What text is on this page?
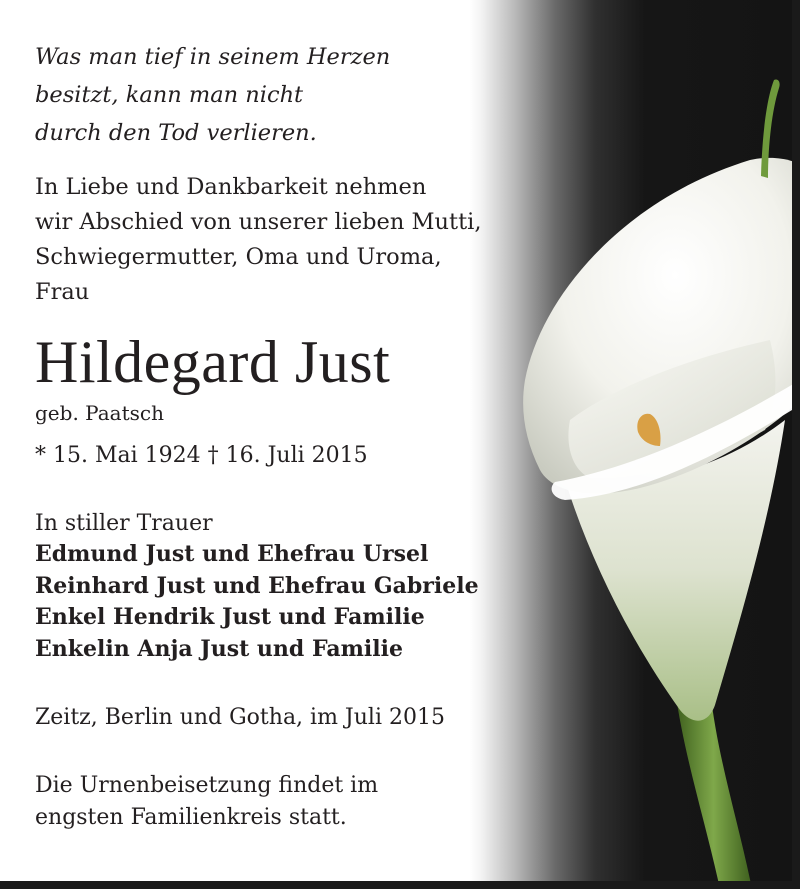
Was man tief in seinem Herzen
besitzt, kann man nicht
durch den Tod verlieren.
In Liebe und Dankbarkeit nehmen
wir Abschied von unserer lieben Mutti,
Schwiegermutter, Oma und Uroma,
Frau
Hildegard Just
geb. Paatsch
* 15. Mai 1924 † 16. Juli 2015
In stiller Trauer
Edmund Just und Ehefrau Ursel
Reinhard Just und Ehefrau Gabriele
Enkel Hendrik Just und Familie
Enkelin Anja Just und Familie
Zeitz, Berlin und Gotha, im Juli 2015
Die Urnenbeisetzung findet im
engsten Familienkreis statt.
